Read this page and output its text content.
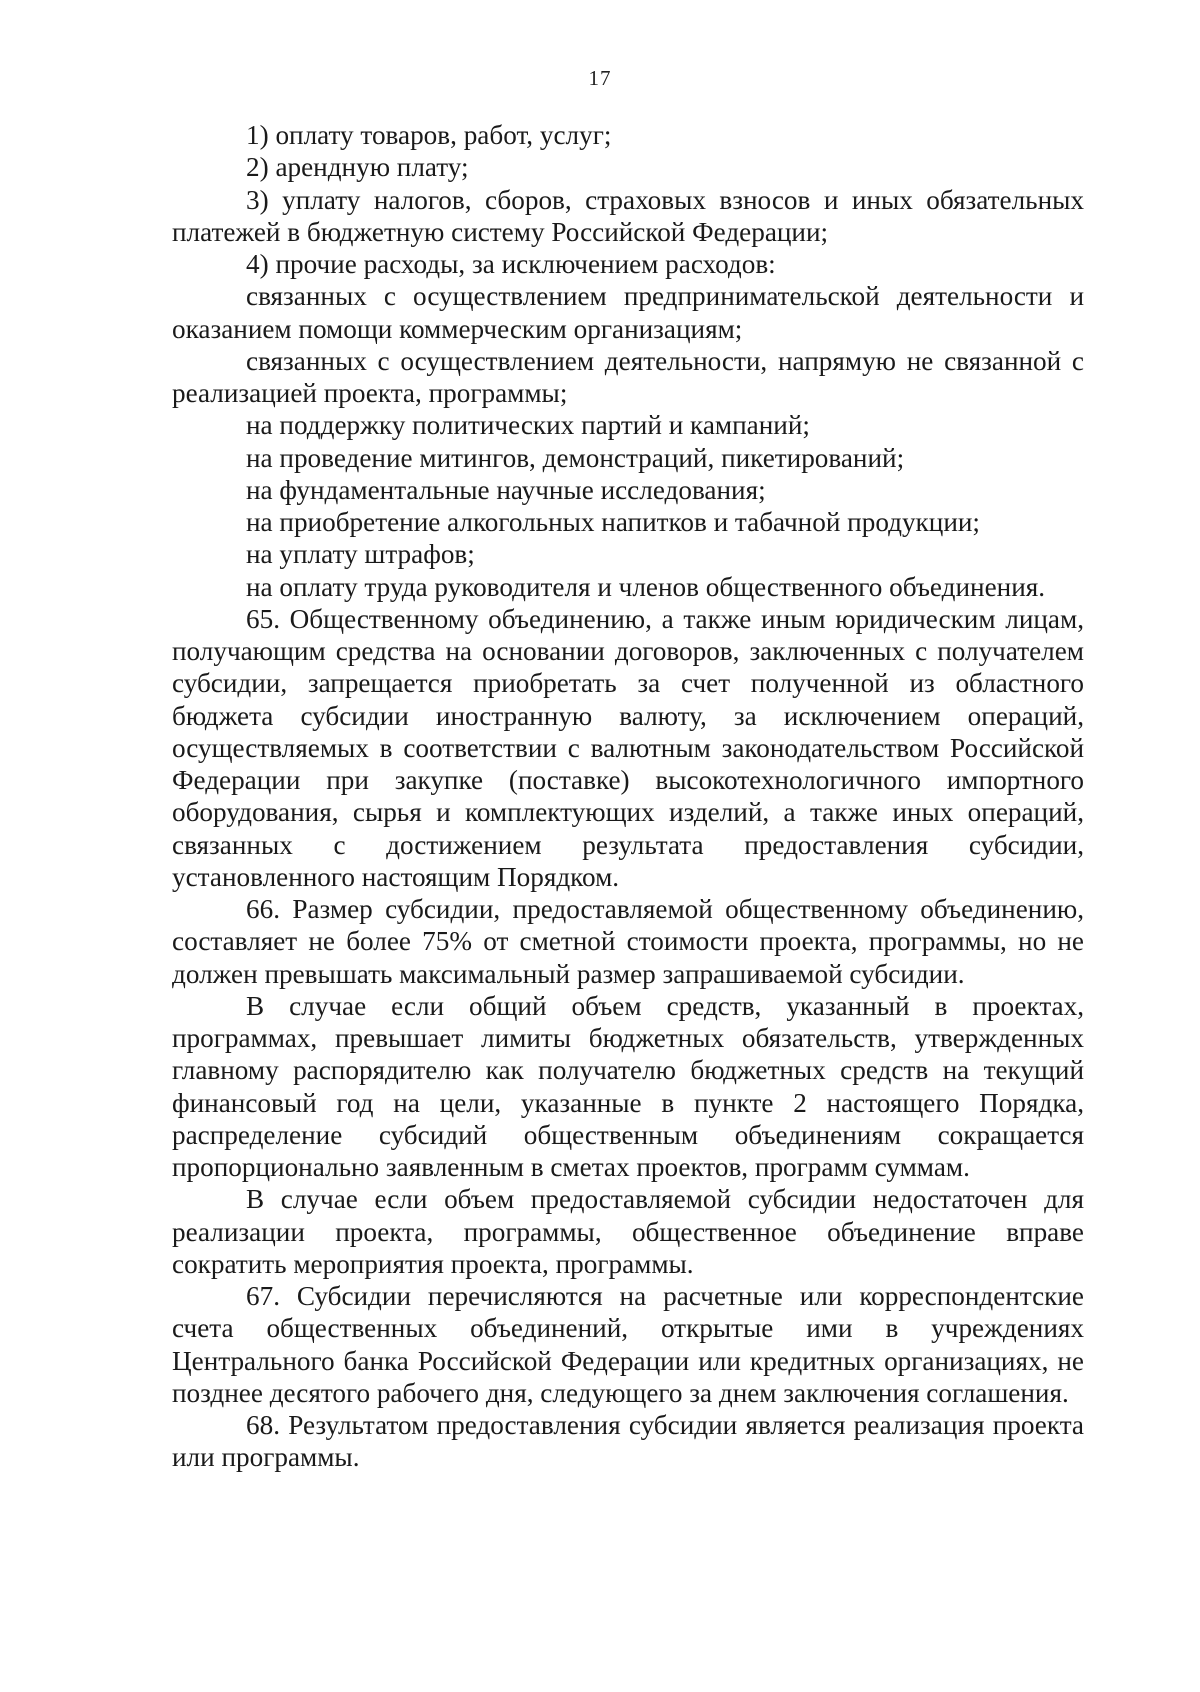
17

1) оплату товаров, работ, услуг;

2) арендную плату;

3) уплату налогов, сборов, страховых взносов и иных обязательных платежей в бюджетную систему Российской Федерации;

4) прочие расходы, за исключением расходов:

связанных с осуществлением предпринимательской деятельности и оказанием помощи коммерческим организациям;

связанных с осуществлением деятельности, напрямую не связанной с реализацией проекта, программы;

на поддержку политических партий и кампаний;

на проведение митингов, демонстраций, пикетирований;

на фундаментальные научные исследования;

на приобретение алкогольных напитков и табачной продукции;

на уплату штрафов;

на оплату труда руководителя и членов общественного объединения.

65. Общественному объединению, а также иным юридическим лицам, получающим средства на основании договоров, заключенных с получателем субсидии, запрещается приобретать за счет полученной из областного бюджета субсидии иностранную валюту, за исключением операций, осуществляемых в соответствии с валютным законодательством Российской Федерации при закупке (поставке) высокотехнологичного импортного оборудования, сырья и комплектующих изделий, а также иных операций, связанных с достижением результата предоставления субсидии, установленного настоящим Порядком.

66. Размер субсидии, предоставляемой общественному объединению, составляет не более 75% от сметной стоимости проекта, программы, но не должен превышать максимальный размер запрашиваемой субсидии.

В случае если общий объем средств, указанный в проектах, программах, превышает лимиты бюджетных обязательств, утвержденных главному распорядителю как получателю бюджетных средств на текущий финансовый год на цели, указанные в пункте 2 настоящего Порядка, распределение субсидий общественным объединениям сокращается пропорционально заявленным в сметах проектов, программ суммам.

В случае если объем предоставляемой субсидии недостаточен для реализации проекта, программы, общественное объединение вправе сократить мероприятия проекта, программы.

67. Субсидии перечисляются на расчетные или корреспондентские счета общественных объединений, открытые ими в учреждениях Центрального банка Российской Федерации или кредитных организациях, не позднее десятого рабочего дня, следующего за днем заключения соглашения.

68. Результатом предоставления субсидии является реализация проекта или программы.
